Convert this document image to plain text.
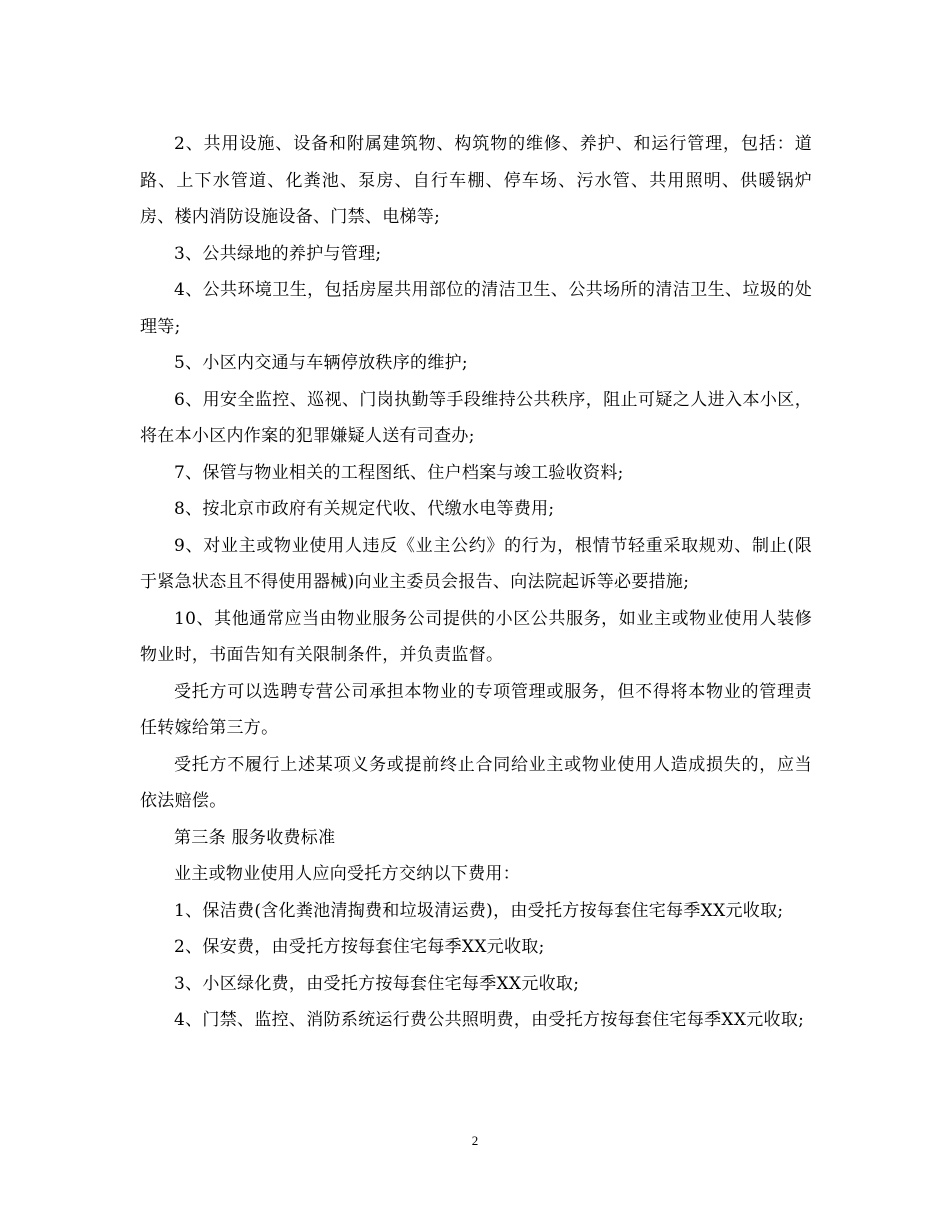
2、共用设施、设备和附属建筑物、构筑物的维修、养护、和运行管理，包括：道路、上下水管道、化粪池、泵房、自行车棚、停车场、污水管、共用照明、供暖锅炉房、楼内消防设施设备、门禁、电梯等;

3、公共绿地的养护与管理;

4、公共环境卫生，包括房屋共用部位的清洁卫生、公共场所的清洁卫生、垃圾的处理等;

5、小区内交通与车辆停放秩序的维护;

6、用安全监控、巡视、门岗执勤等手段维持公共秩序，阻止可疑之人进入本小区，将在本小区内作案的犯罪嫌疑人送有司查办;

7、保管与物业相关的工程图纸、住户档案与竣工验收资料;

8、按北京市政府有关规定代收、代缴水电等费用;

9、对业主或物业使用人违反《业主公约》的行为，根情节轻重采取规劝、制止(限于紧急状态且不得使用器械)向业主委员会报告、向法院起诉等必要措施;

10、其他通常应当由物业服务公司提供的小区公共服务，如业主或物业使用人装修物业时，书面告知有关限制条件，并负责监督。

受托方可以选聘专营公司承担本物业的专项管理或服务，但不得将本物业的管理责任转嫁给第三方。

受托方不履行上述某项义务或提前终止合同给业主或物业使用人造成损失的，应当依法赔偿。

第三条 服务收费标准

业主或物业使用人应向受托方交纳以下费用：

1、保洁费(含化粪池清掏费和垃圾清运费)，由受托方按每套住宅每季XX元收取;

2、保安费，由受托方按每套住宅每季XX元收取;

3、小区绿化费，由受托方按每套住宅每季XX元收取;

4、门禁、监控、消防系统运行费公共照明费，由受托方按每套住宅每季XX元收取;

2
